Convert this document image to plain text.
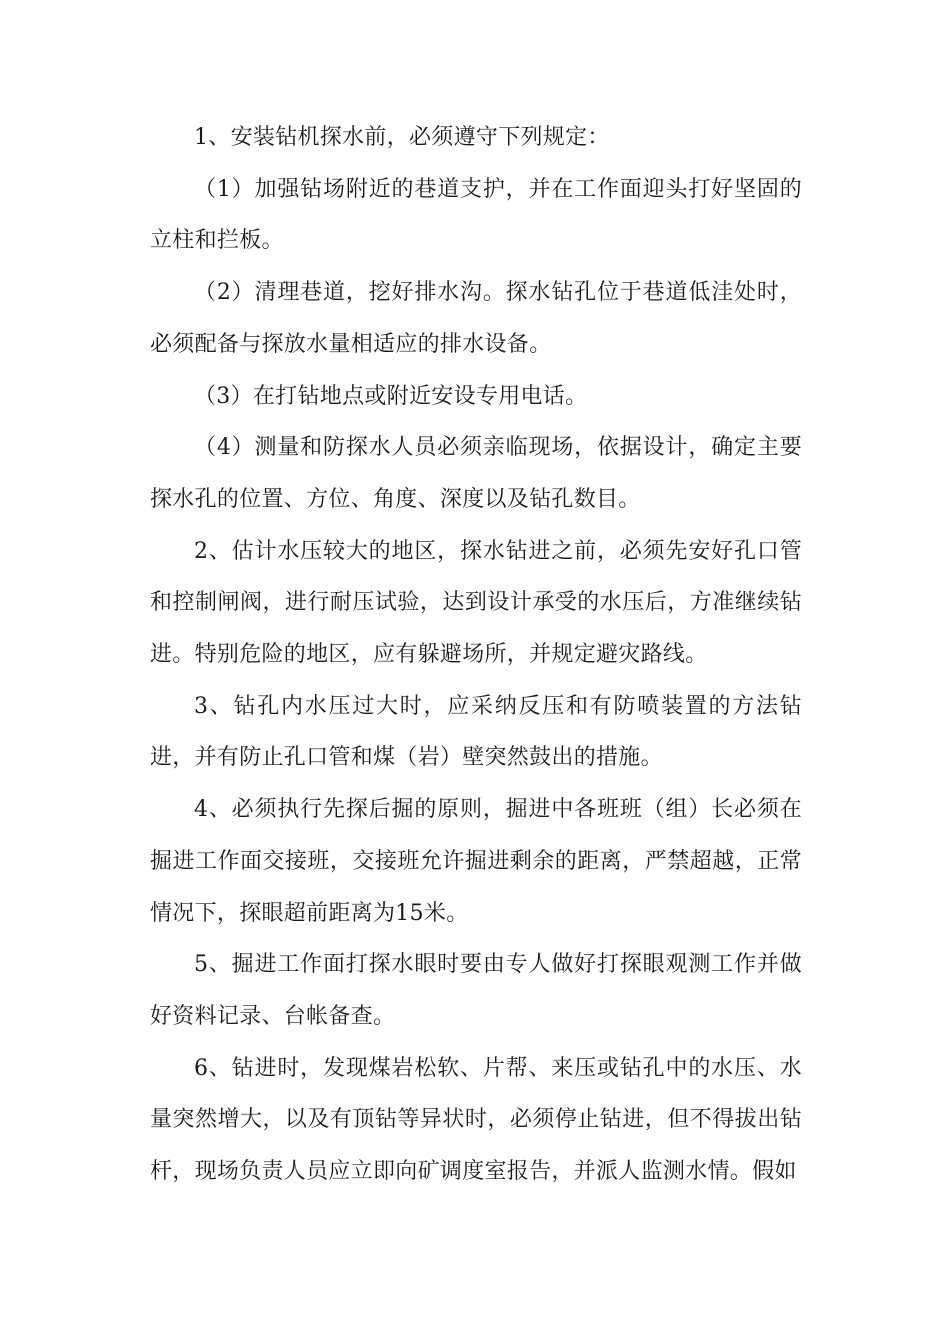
1、安装钻机探水前，必须遵守下列规定：

（1）加强钻场附近的巷道支护，并在工作面迎头打好坚固的立柱和拦板。

（2）清理巷道，挖好排水沟。探水钻孔位于巷道低洼处时，必须配备与探放水量相适应的排水设备。

（3）在打钻地点或附近安设专用电话。

（4）测量和防探水人员必须亲临现场，依据设计，确定主要探水孔的位置、方位、角度、深度以及钻孔数目。

2、估计水压较大的地区，探水钻进之前，必须先安好孔口管和控制闸阀，进行耐压试验，达到设计承受的水压后，方准继续钻进。特别危险的地区，应有躲避场所，并规定避灾路线。

3、钻孔内水压过大时，应采纳反压和有防喷装置的方法钻进，并有防止孔口管和煤（岩）壁突然鼓出的措施。

4、必须执行先探后掘的原则，掘进中各班班（组）长必须在掘进工作面交接班，交接班允许掘进剩余的距离，严禁超越，正常情况下，探眼超前距离为15米。

5、掘进工作面打探水眼时要由专人做好打探眼观测工作并做好资料记录、台帐备查。

6、钻进时，发现煤岩松软、片帮、来压或钻孔中的水压、水量突然增大，以及有顶钻等异状时，必须停止钻进，但不得拔出钻杆，现场负责人员应立即向矿调度室报告，并派人监测水情。假如
